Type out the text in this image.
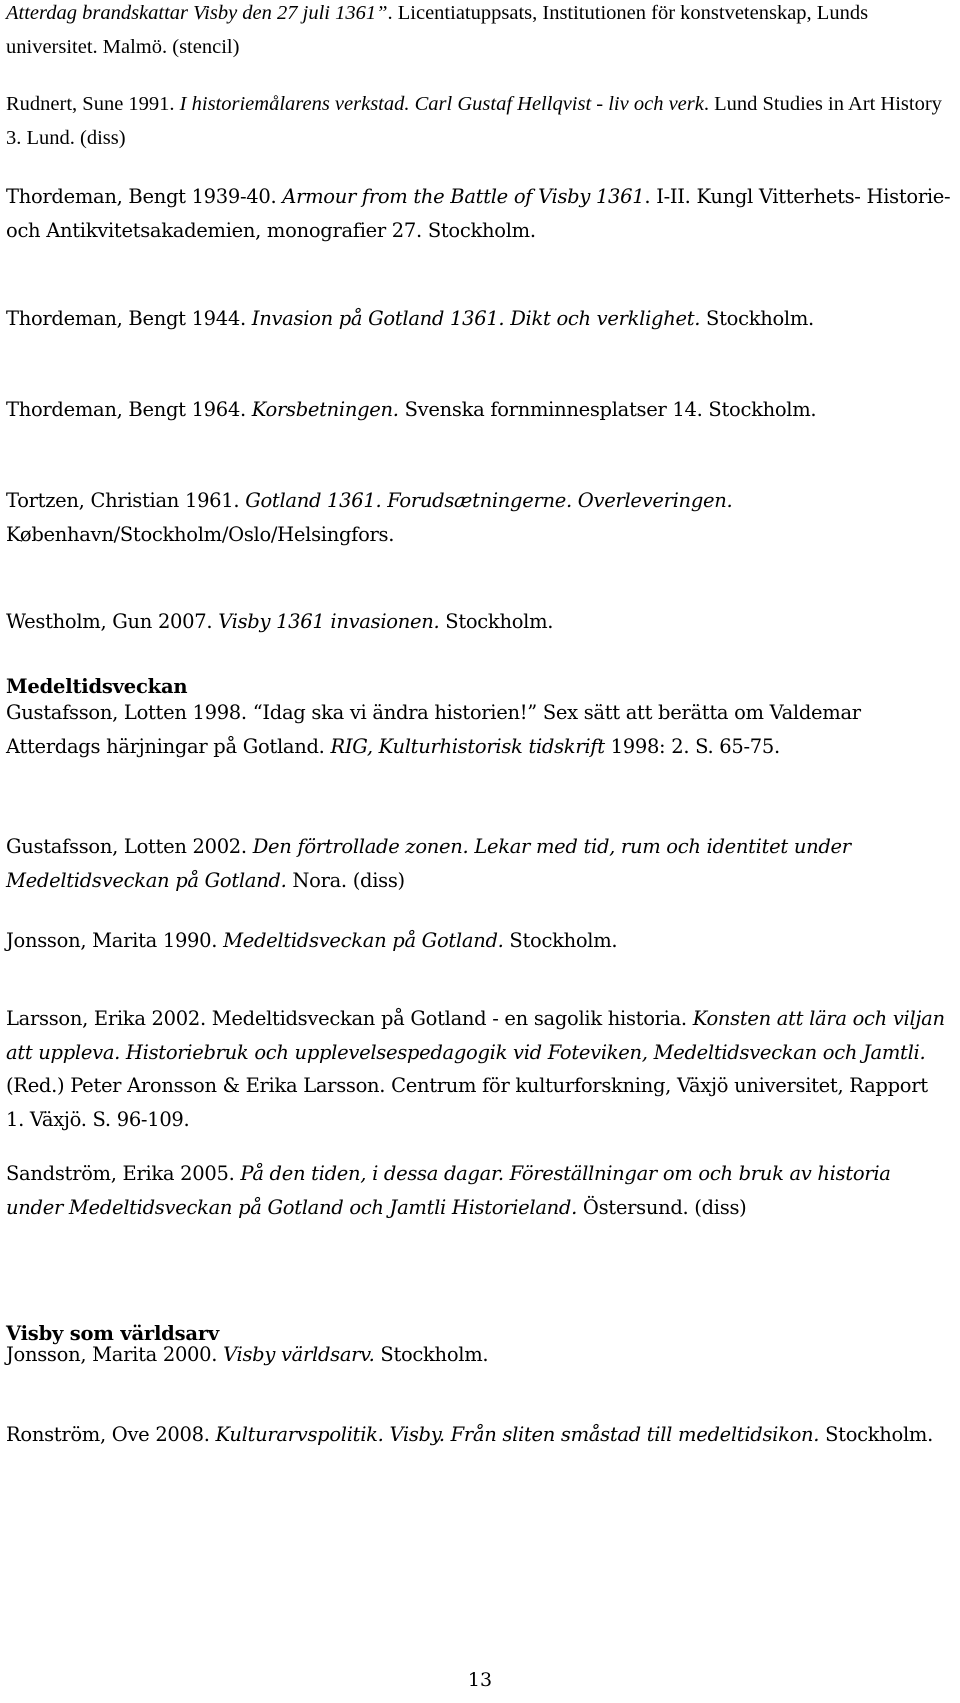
Atterdag brandskattar Visby den 27 juli 1361”. Licentiatuppsats, Institutionen för konstvetenskap, Lunds universitet. Malmö. (stencil)

Rudnert, Sune 1991. I historiemålarens verkstad. Carl Gustaf Hellqvist - liv och verk. Lund Studies in Art History 3. Lund. (diss)

Thordeman, Bengt 1939-40. Armour from the Battle of Visby 1361. I-II. Kungl Vitterhets- Historie- och Antikvitetsakademien, monografier 27. Stockholm.

Thordeman, Bengt 1944. Invasion på Gotland 1361. Dikt och verklighet. Stockholm.

Thordeman, Bengt 1964. Korsbetningen. Svenska fornminnesplatser 14. Stockholm.

Tortzen, Christian 1961. Gotland 1361. Forudsætningerne. Overleveringen. København/Stockholm/Oslo/Helsingfors.

Westholm, Gun 2007. Visby 1361 invasionen. Stockholm.

Medeltidsveckan

Gustafsson, Lotten 1998. “Idag ska vi ändra historien!” Sex sätt att berätta om Valdemar Atterdags härjningar på Gotland. RIG, Kulturhistorisk tidskrift 1998: 2. S. 65-75.

Gustafsson, Lotten 2002. Den förtrollade zonen. Lekar med tid, rum och identitet under Medeltidsveckan på Gotland. Nora. (diss)

Jonsson, Marita 1990. Medeltidsveckan på Gotland. Stockholm.

Larsson, Erika 2002. Medeltidsveckan på Gotland - en sagolik historia. Konsten att lära och viljan att uppleva. Historiebruk och upplevelsespedagogik vid Foteviken, Medeltidsveckan och Jamtli. (Red.) Peter Aronsson & Erika Larsson. Centrum för kulturforskning, Växjö universitet, Rapport 1. Växjö. S. 96-109.

Sandström, Erika 2005. På den tiden, i dessa dagar. Föreställningar om och bruk av historia under Medeltidsveckan på Gotland och Jamtli Historieland. Östersund. (diss)

Visby som världsarv

Jonsson, Marita 2000. Visby världsarv. Stockholm.

Ronström, Ove 2008. Kulturarvspolitik. Visby. Från sliten småstad till medeltidsikon. Stockholm.

13
